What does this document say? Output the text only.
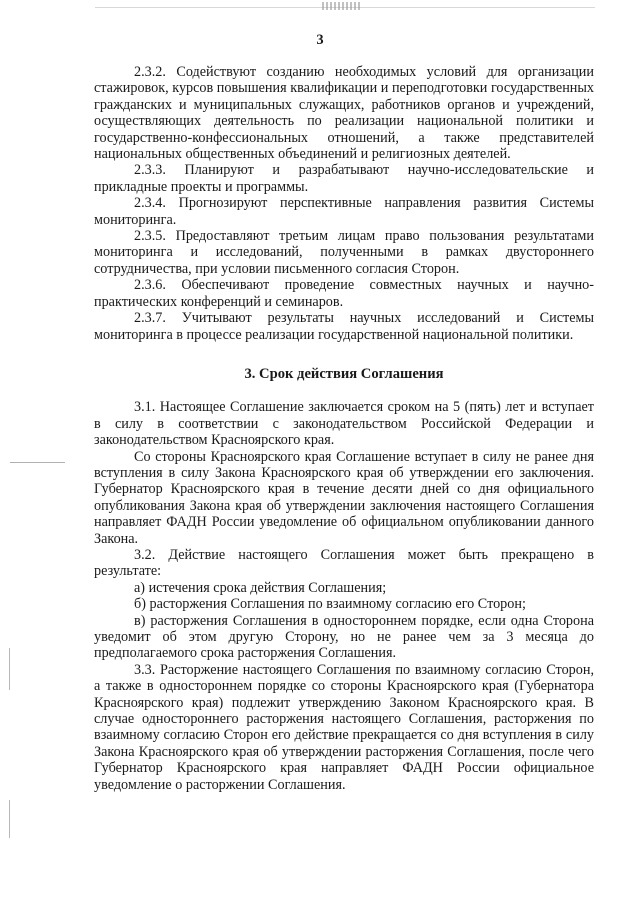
3

2.3.2. Содействуют созданию необходимых условий для организации стажировок, курсов повышения квалификации и переподготовки государственных гражданских и муниципальных служащих, работников органов и учреждений, осуществляющих деятельность по реализации национальной политики и государственно-конфессиональных отношений, а также представителей национальных общественных объединений и религиозных деятелей.

2.3.3. Планируют и разрабатывают научно-исследовательские и прикладные проекты и программы.

2.3.4. Прогнозируют перспективные направления развития Системы мониторинга.

2.3.5. Предоставляют третьим лицам право пользования результатами мониторинга и исследований, полученными в рамках двустороннего сотрудничества, при условии письменного согласия Сторон.

2.3.6. Обеспечивают проведение совместных научных и научно-практических конференций и семинаров.

2.3.7. Учитывают результаты научных исследований и Системы мониторинга в процессе реализации государственной национальной политики.

3. Срок действия Соглашения

3.1. Настоящее Соглашение заключается сроком на 5 (пять) лет и вступает в силу в соответствии с законодательством Российской Федерации и законодательством Красноярского края.

Со стороны Красноярского края Соглашение вступает в силу не ранее дня вступления в силу Закона Красноярского края об утверждении его заключения. Губернатор Красноярского края в течение десяти дней со дня официального опубликования Закона края об утверждении заключения настоящего Соглашения направляет ФАДН России уведомление об официальном опубликовании данного Закона.

3.2. Действие настоящего Соглашения может быть прекращено в результате:

а) истечения срока действия Соглашения;

б) расторжения Соглашения по взаимному согласию его Сторон;

в) расторжения Соглашения в одностороннем порядке, если одна Сторона уведомит об этом другую Сторону, но не ранее чем за 3 месяца до предполагаемого срока расторжения Соглашения.

3.3. Расторжение настоящего Соглашения по взаимному согласию Сторон, а также в одностороннем порядке со стороны Красноярского края (Губернатора Красноярского края) подлежит утверждению Законом Красноярского края. В случае одностороннего расторжения настоящего Соглашения, расторжения по взаимному согласию Сторон его действие прекращается со дня вступления в силу Закона Красноярского края об утверждении расторжения Соглашения, после чего Губернатор Красноярского края направляет ФАДН России официальное уведомление о расторжении Соглашения.
